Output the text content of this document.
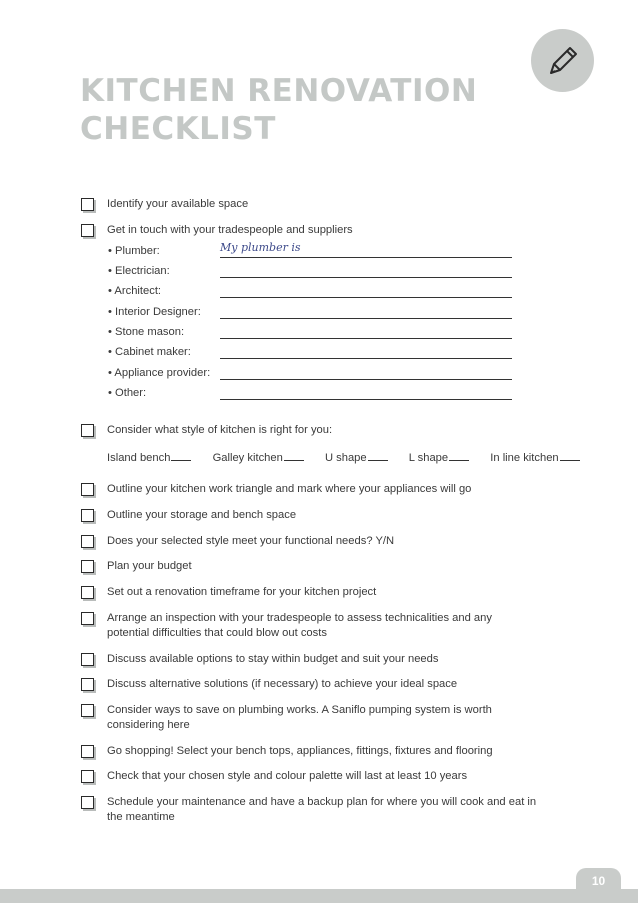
KITCHEN RENOVATION
CHECKLIST
Identify your available space
Get in touch with your tradespeople and suppliers
• Plumber:	My plumber is
• Electrician:
• Architect:
• Interior Designer:
• Stone mason:
• Cabinet maker:
• Appliance provider:
• Other:
Consider what style of kitchen is right for you:
Island bench	Galley kitchen	U shape	L shape	In line kitchen
Outline your kitchen work triangle and mark where your appliances will go
Outline your storage and bench space
Does your selected style meet your functional needs? Y/N
Plan your budget
Set out a renovation timeframe for your kitchen project
Arrange an inspection with your tradespeople to assess technicalities and any potential difficulties that could blow out costs
Discuss available options to stay within budget and suit your needs
Discuss alternative solutions (if necessary) to achieve your ideal space
Consider ways to save on plumbing works. A Saniflo pumping system is worth considering here
Go shopping! Select your bench tops, appliances, fittings, fixtures and flooring
Check that your chosen style and colour palette will last at least 10 years
Schedule your maintenance and have a backup plan for where you will cook and eat in the meantime
10
